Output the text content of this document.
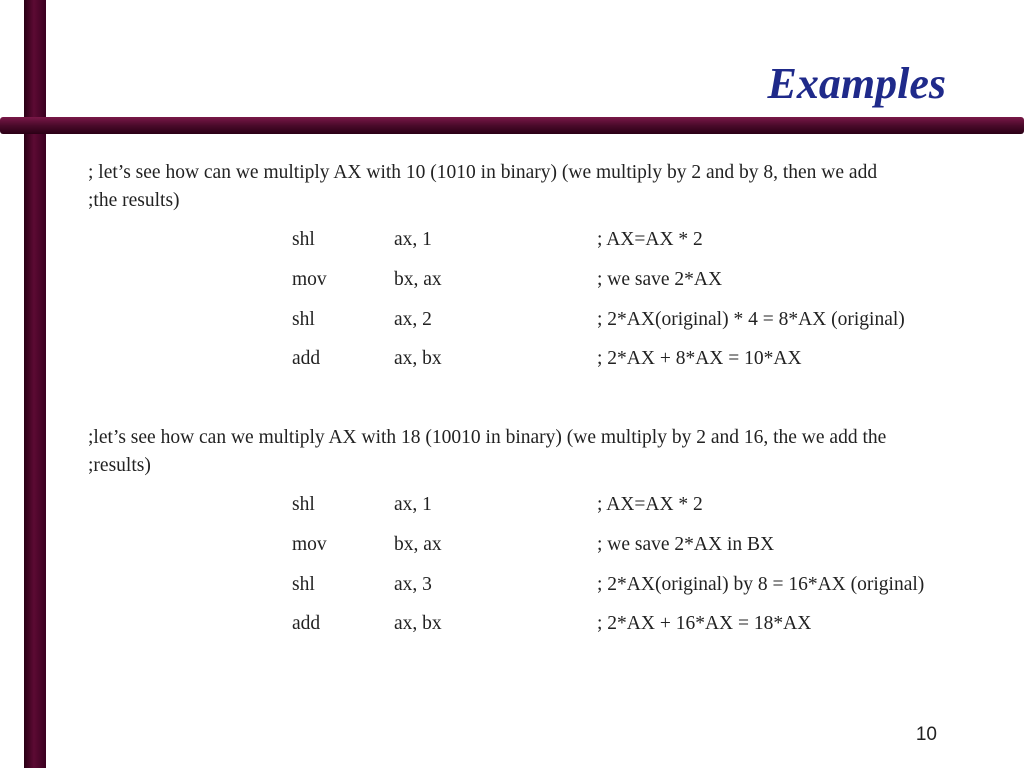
Examples
; let’s see how can we multiply AX with 10 (1010 in binary) (we multiply by 2 and by 8, then we add
;the results)
shl	ax, 1	; AX=AX * 2
mov	bx, ax	; we save 2*AX
shl	ax, 2	; 2*AX(original) * 4 = 8*AX (original)
add	ax, bx	; 2*AX + 8*AX = 10*AX
;let’s see how can we multiply AX with 18 (10010 in binary) (we multiply by 2 and 16, the we add the
;results)
shl	ax, 1	; AX=AX * 2
mov	bx, ax	; we save 2*AX in BX
shl	ax, 3	; 2*AX(original) by 8 = 16*AX (original)
add	ax, bx	; 2*AX + 16*AX = 18*AX
10
